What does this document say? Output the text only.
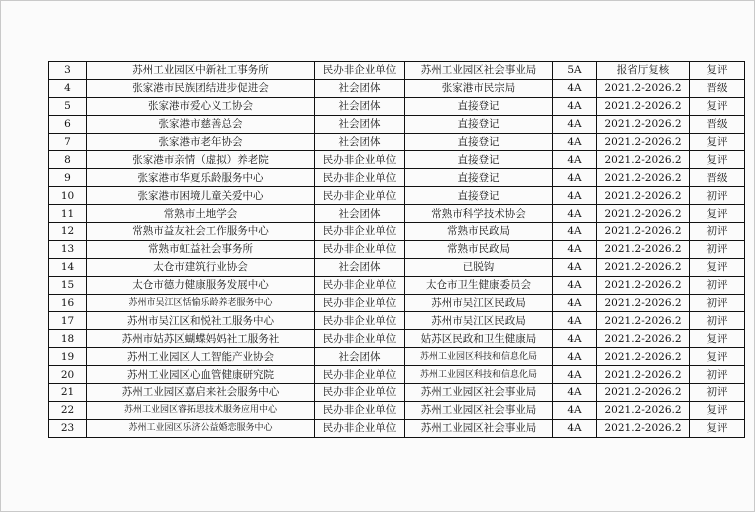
3	苏州工业园区中新社工事务所	民办非企业单位	苏州工业园区社会事业局	5A	报省厅复核	复评
4	张家港市民族团结进步促进会	社会团体	张家港市民宗局	4A	2021.2-2026.2	晋级
5	张家港市爱心义工协会	社会团体	直接登记	4A	2021.2-2026.2	复评
6	张家港市慈善总会	社会团体	直接登记	4A	2021.2-2026.2	晋级
7	张家港市老年协会	社会团体	直接登记	4A	2021.2-2026.2	复评
8	张家港市亲情（虚拟）养老院	民办非企业单位	直接登记	4A	2021.2-2026.2	复评
9	张家港市华夏乐龄服务中心	民办非企业单位	直接登记	4A	2021.2-2026.2	晋级
10	张家港市困境儿童关爱中心	民办非企业单位	直接登记	4A	2021.2-2026.2	初评
11	常熟市土地学会	社会团体	常熟市科学技术协会	4A	2021.2-2026.2	复评
12	常熟市益友社会工作服务中心	民办非企业单位	常熟市民政局	4A	2021.2-2026.2	初评
13	常熟市虹益社会事务所	民办非企业单位	常熟市民政局	4A	2021.2-2026.2	初评
14	太仓市建筑行业协会	社会团体	已脱钩	4A	2021.2-2026.2	复评
15	太仓市德力健康服务发展中心	民办非企业单位	太仓市卫生健康委员会	4A	2021.2-2026.2	初评
16	苏州市吴江区恬愉乐龄养老服务中心	民办非企业单位	苏州市吴江区民政局	4A	2021.2-2026.2	初评
17	苏州市吴江区和悦社工服务中心	民办非企业单位	苏州市吴江区民政局	4A	2021.2-2026.2	初评
18	苏州市姑苏区蝴蝶妈妈社工服务社	民办非企业单位	姑苏区民政和卫生健康局	4A	2021.2-2026.2	复评
19	苏州工业园区人工智能产业协会	社会团体	苏州工业园区科技和信息化局	4A	2021.2-2026.2	复评
20	苏州工业园区心血管健康研究院	民办非企业单位	苏州工业园区科技和信息化局	4A	2021.2-2026.2	初评
21	苏州工业园区嘉启来社会服务中心	民办非企业单位	苏州工业园区社会事业局	4A	2021.2-2026.2	初评
22	苏州工业园区睿拓思技术服务应用中心	民办非企业单位	苏州工业园区社会事业局	4A	2021.2-2026.2	复评
23	苏州工业园区乐济公益婚恋服务中心	民办非企业单位	苏州工业园区社会事业局	4A	2021.2-2026.2	复评
